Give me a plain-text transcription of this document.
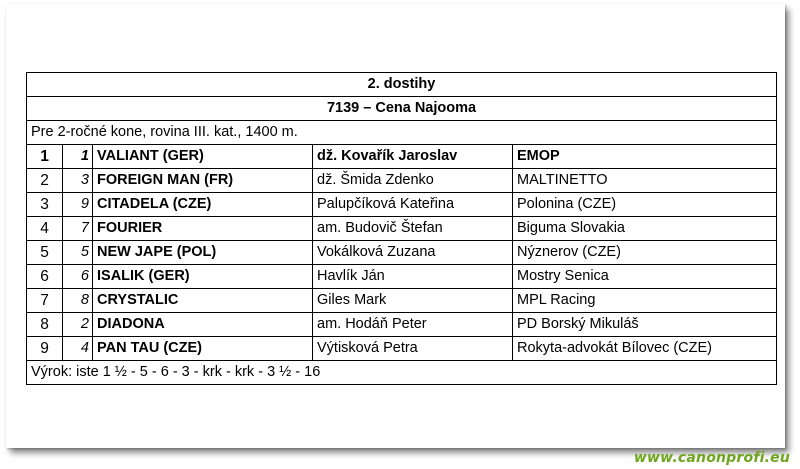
2. dostihy				
7139 – Cena Najooma				
Pre 2-ročné kone, rovina III. kat., 1400 m.				
1	1	VALIANT (GER)	dž. Kovařík Jaroslav	EMOP
2	3	FOREIGN MAN (FR)	dž. Šmida Zdenko	MALTINETTO
3	9	CITADELA (CZE)	Palupčíková Kateřina	Polonina (CZE)
4	7	FOURIER	am. Budovič Štefan	Biguma Slovakia
5	5	NEW JAPE (POL)	Vokálková Zuzana	Nýznerov (CZE)
6	6	ISALIK (GER)	Havlík Ján	Mostry Senica
7	8	CRYSTALIC	Giles Mark	MPL Racing
8	2	DIADONA	am. Hodáň Peter	PD Borský Mikuláš
9	4	PAN TAU (CZE)	Výtisková Petra	Rokyta-advokát Bílovec (CZE)
Výrok: iste 1 ½ - 5 - 6 - 3 - krk - krk - 3 ½ - 16				
www.canonprofi.eu
